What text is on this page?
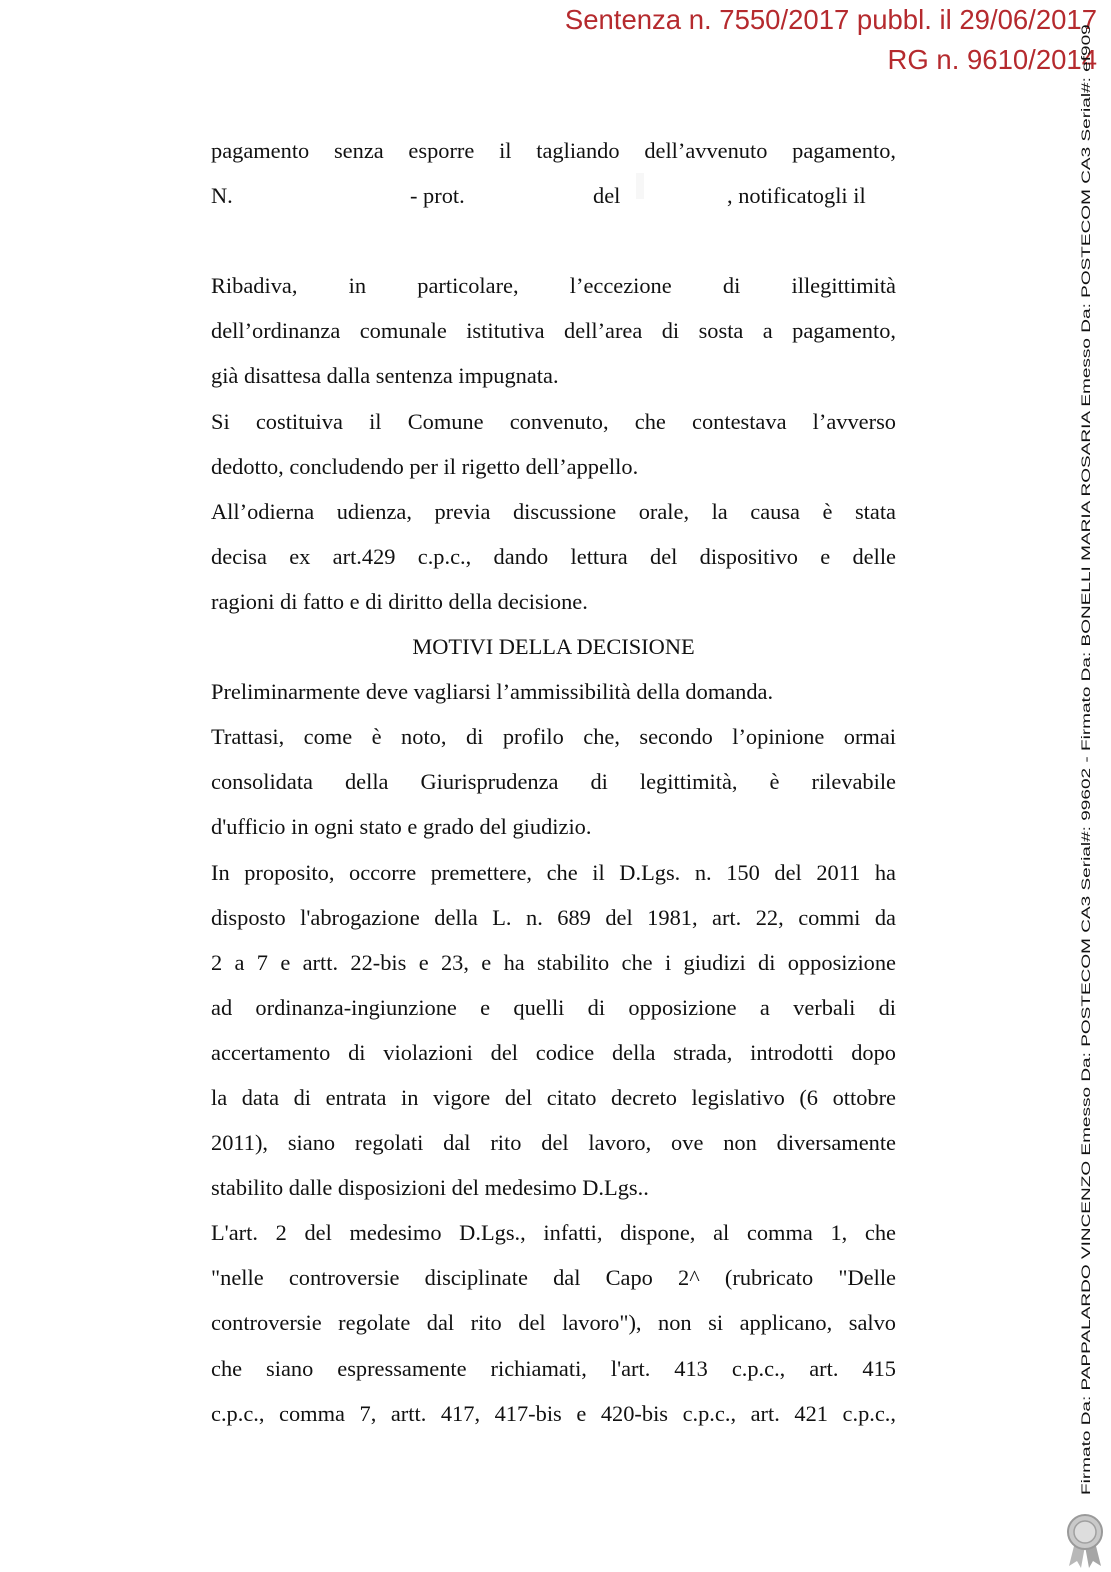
Sentenza n. 7550/2017 pubbl. il 29/06/2017
RG n. 9610/2014
pagamento senza esporre il tagliando dell’avvenuto pagamento,
N.	- prot.	del	, notificatogli il
Ribadiva, in particolare, l’eccezione di illegittimità
dell’ordinanza comunale istitutiva dell’area di sosta a pagamento,
già disattesa dalla sentenza impugnata.
Si costituiva il Comune convenuto, che contestava l’avverso
dedotto, concludendo per il rigetto dell’appello.
All’odierna udienza, previa discussione orale, la causa è stata
decisa ex art.429 c.p.c., dando lettura del dispositivo e delle
ragioni di fatto e di diritto della decisione.
MOTIVI DELLA DECISIONE
Preliminarmente deve vagliarsi l’ammissibilità della domanda.
Trattasi, come è noto, di profilo che, secondo l’opinione ormai
consolidata della Giurisprudenza di legittimità, è rilevabile
d'ufficio in ogni stato e grado del giudizio.
In proposito, occorre premettere, che il D.Lgs. n. 150 del 2011 ha
disposto l'abrogazione della L. n. 689 del 1981, art. 22, commi da
2 a 7 e artt. 22-bis e 23, e ha stabilito che i giudizi di opposizione
ad ordinanza-ingiunzione e quelli di opposizione a verbali di
accertamento di violazioni del codice della strada, introdotti dopo
la data di entrata in vigore del citato decreto legislativo (6 ottobre
2011), siano regolati dal rito del lavoro, ove non diversamente
stabilito dalle disposizioni del medesimo D.Lgs..
L'art. 2 del medesimo D.Lgs., infatti, dispone, al comma 1, che
"nelle controversie disciplinate dal Capo 2^ (rubricato "Delle
controversie regolate dal rito del lavoro"), non si applicano, salvo
che siano espressamente richiamati, l'art. 413 c.p.c., art. 415
c.p.c., comma 7, artt. 417, 417-bis e 420-bis c.p.c., art. 421 c.p.c.,	Firmato Da: PAPPALARDO VINCENZO Emesso Da: POSTECOM CA3 Serial#: 99602 - Firmato Da: BONELLI MARIA ROSARIA Emesso Da: POSTECOM CA3 Serial#: ef909
